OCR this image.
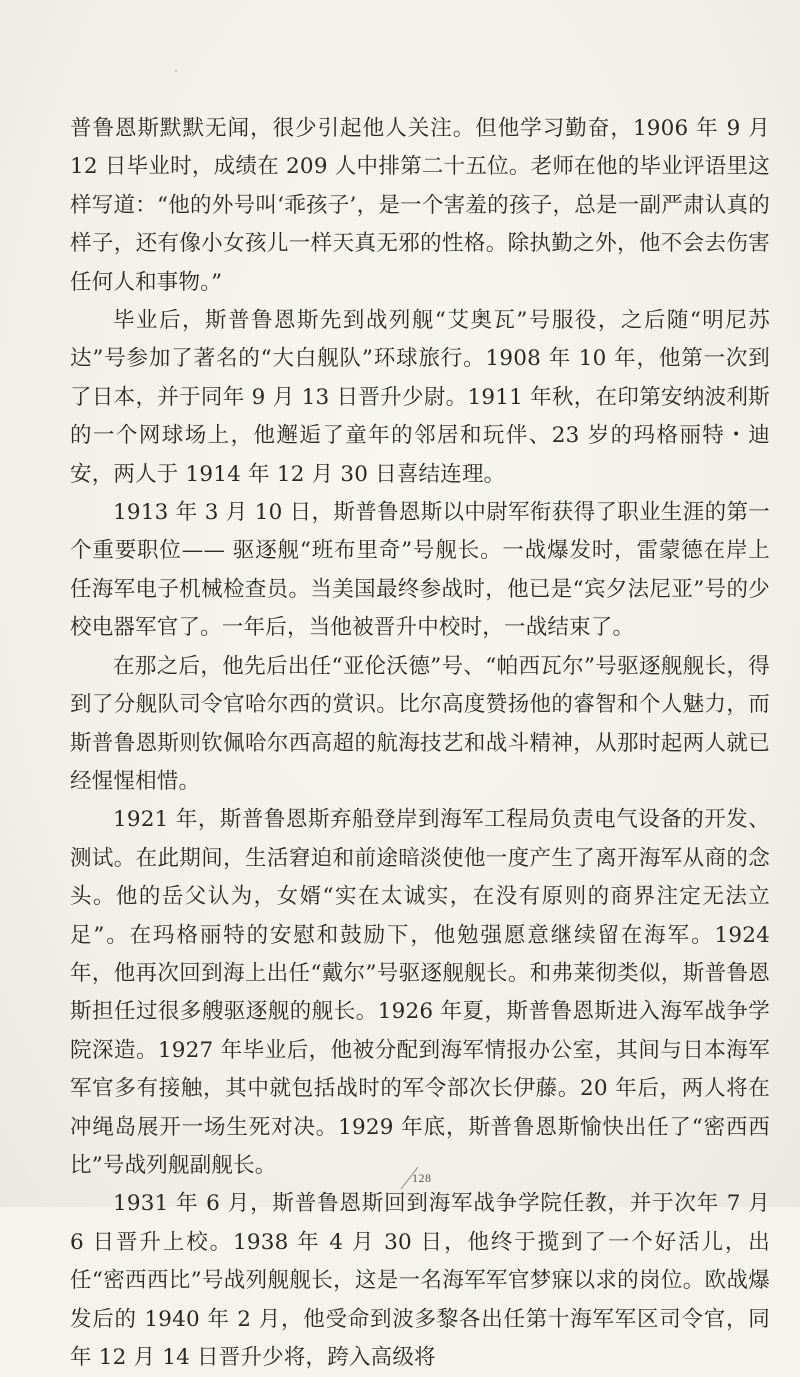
普鲁恩斯默默无闻，很少引起他人关注。但他学习勤奋，1906 年 9 月 12 日毕业时，成绩在 209 人中排第二十五位。老师在他的毕业评语里这样写道：“他的外号叫‘乖孩子’，是一个害羞的孩子，总是一副严肃认真的样子，还有像小女孩儿一样天真无邪的性格。除执勤之外，他不会去伤害任何人和事物。”

毕业后，斯普鲁恩斯先到战列舰“艾奥瓦”号服役，之后随“明尼苏达”号参加了著名的“大白舰队”环球旅行。1908 年 10 年，他第一次到了日本，并于同年 9 月 13 日晋升少尉。1911 年秋，在印第安纳波利斯的一个网球场上，他邂逅了童年的邻居和玩伴、23 岁的玛格丽特・迪安，两人于 1914 年 12 月 30 日喜结连理。

1913 年 3 月 10 日，斯普鲁恩斯以中尉军衔获得了职业生涯的第一个重要职位—— 驱逐舰“班布里奇”号舰长。一战爆发时，雷蒙德在岸上任海军电子机械检查员。当美国最终参战时，他已是“宾夕法尼亚”号的少校电器军官了。一年后，当他被晋升中校时，一战结束了。

在那之后，他先后出任“亚伦沃德”号、“帕西瓦尔”号驱逐舰舰长，得到了分舰队司令官哈尔西的赏识。比尔高度赞扬他的睿智和个人魅力，而斯普鲁恩斯则钦佩哈尔西高超的航海技艺和战斗精神，从那时起两人就已经惺惺相惜。

1921 年，斯普鲁恩斯弃船登岸到海军工程局负责电气设备的开发、测试。在此期间，生活窘迫和前途暗淡使他一度产生了离开海军从商的念头。他的岳父认为，女婿“实在太诚实，在没有原则的商界注定无法立足”。在玛格丽特的安慰和鼓励下，他勉强愿意继续留在海军。1924 年，他再次回到海上出任“戴尔”号驱逐舰舰长。和弗莱彻类似，斯普鲁恩斯担任过很多艘驱逐舰的舰长。1926 年夏，斯普鲁恩斯进入海军战争学院深造。1927 年毕业后，他被分配到海军情报办公室，其间与日本海军军官多有接触，其中就包括战时的军令部次长伊藤。20 年后，两人将在冲绳岛展开一场生死对决。1929 年底，斯普鲁恩斯愉快出任了“密西西比”号战列舰副舰长。

1931 年 6 月，斯普鲁恩斯回到海军战争学院任教，并于次年 7 月 6 日晋升上校。1938 年 4 月 30 日，他终于揽到了一个好活儿，出任“密西西比”号战列舰舰长，这是一名海军军官梦寐以求的岗位。欧战爆发后的 1940 年 2 月，他受命到波多黎各出任第十海军军区司令官，同年 12 月 14 日晋升少将，跨入高级将

128
